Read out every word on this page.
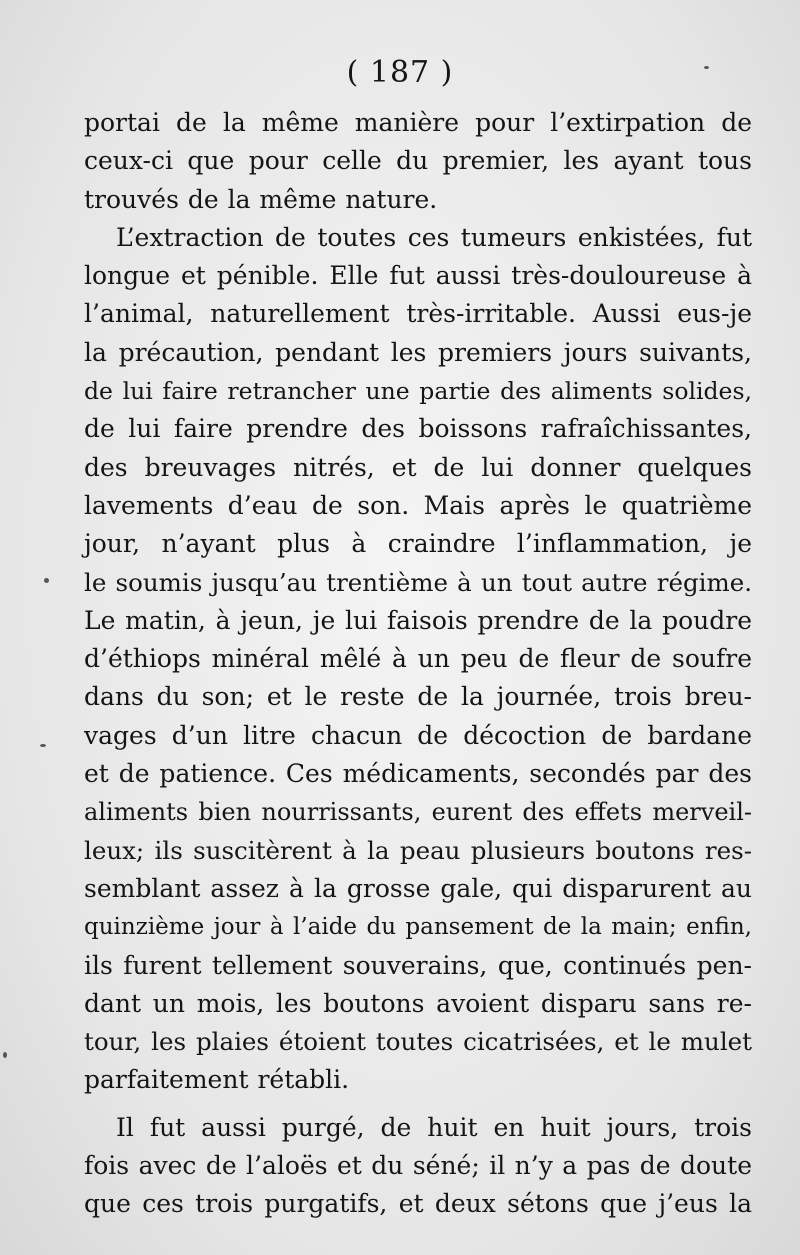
( 187 )
portai de la même manière pour l’extirpation de
ceux-ci que pour celle du premier, les ayant tous
trouvés de la même nature.
L’extraction de toutes ces tumeurs enkistées, fut
longue et pénible. Elle fut aussi très-douloureuse à
l’animal, naturellement très-irritable. Aussi eus-je
la précaution, pendant les premiers jours suivants,
de lui faire retrancher une partie des aliments solides,
de lui faire prendre des boissons rafraîchissantes,
des breuvages nitrés, et de lui donner quelques
lavements d’eau de son. Mais après le quatrième
jour, n’ayant plus à craindre l’inflammation, je
le soumis jusqu’au trentième à un tout autre régime.
Le matin, à jeun, je lui faisois prendre de la poudre
d’éthiops minéral mêlé à un peu de fleur de soufre
dans du son; et le reste de la journée, trois breu-
vages d’un litre chacun de décoction de bardane
et de patience. Ces médicaments, secondés par des
aliments bien nourrissants, eurent des effets merveil-
leux; ils suscitèrent à la peau plusieurs boutons res-
semblant assez à la grosse gale, qui disparurent au
quinzième jour à l’aide du pansement de la main; enfin,
ils furent tellement souverains, que, continués pen-
dant un mois, les boutons avoient disparu sans re-
tour, les plaies étoient toutes cicatrisées, et le mulet
parfaitement rétabli.
Il fut aussi purgé, de huit en huit jours, trois
fois avec de l’aloës et du séné; il n’y a pas de doute
que ces trois purgatifs, et deux sétons que j’eus la
